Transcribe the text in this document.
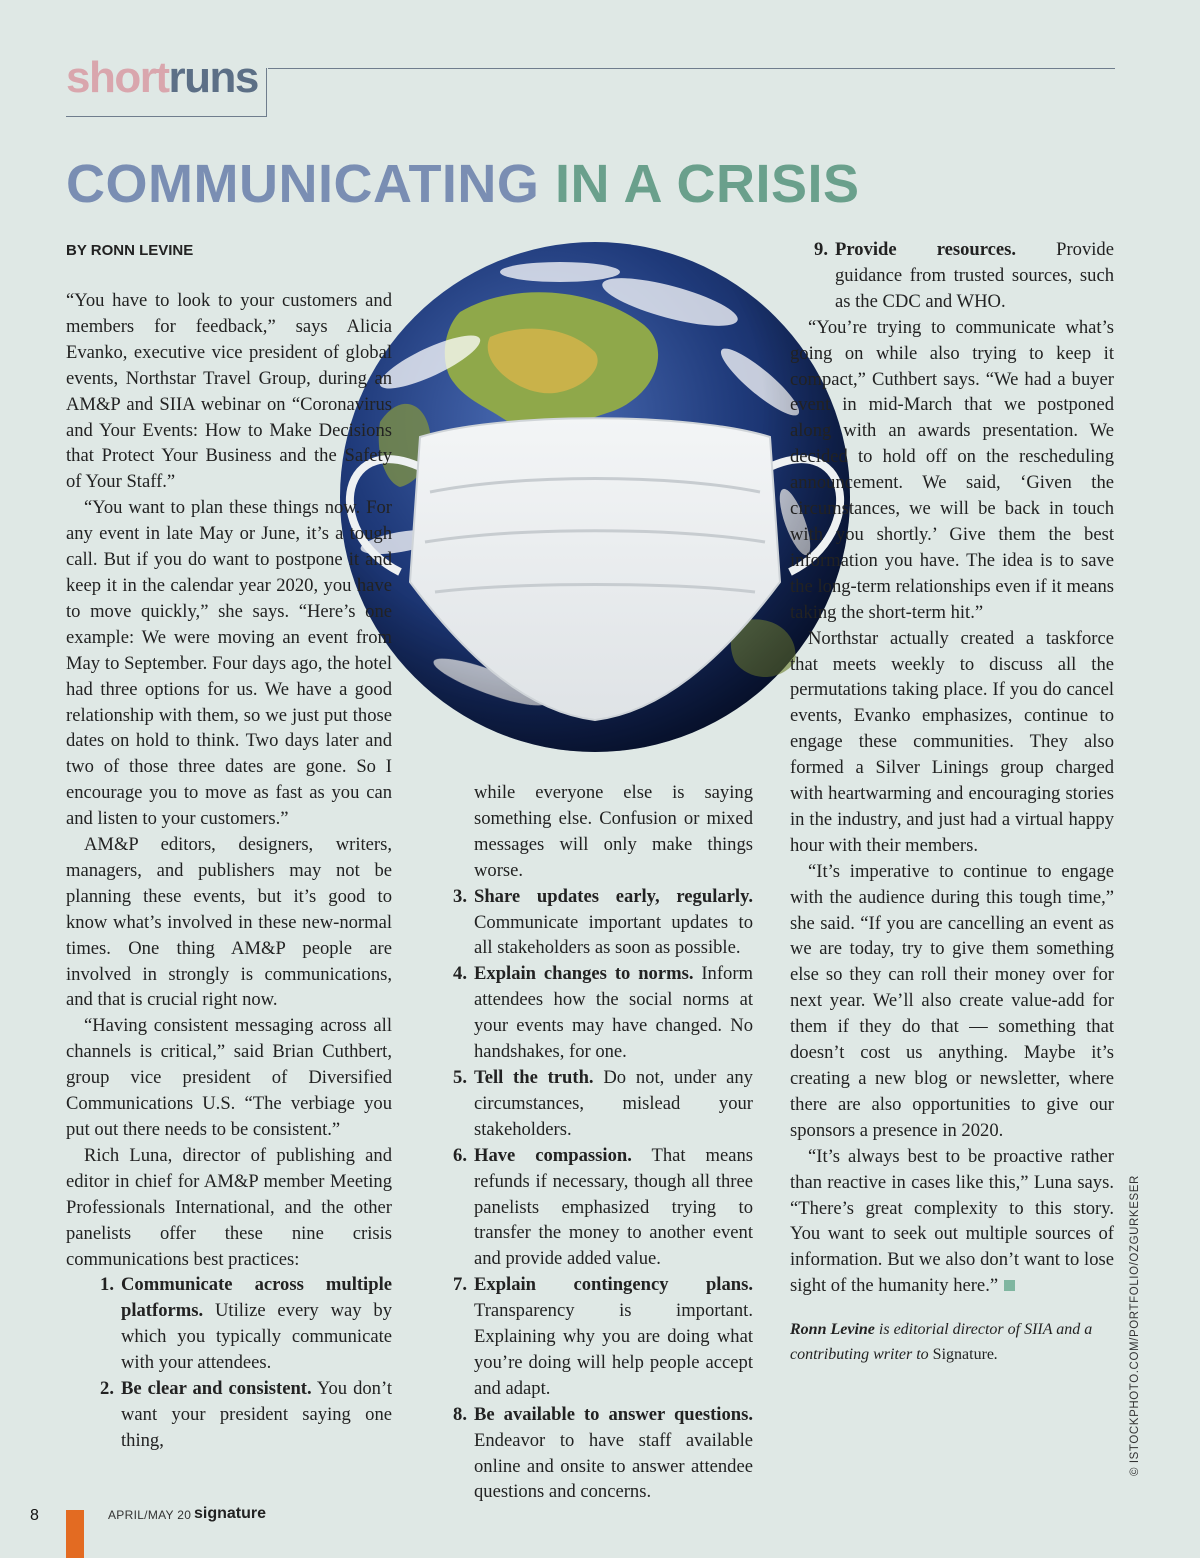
shortruns
COMMUNICATING IN A CRISIS
BY RONN LEVINE

“You have to look to your customers and members for feedback,” says Alicia Evanko, executive vice president of global events, Northstar Travel Group, during an AM&P and SIIA webinar on “Coronavirus and Your Events: How to Make Decisions that Protect Your Business and the Safety of Your Staff.”

“You want to plan these things now. For any event in late May or June, it’s a tough call. But if you do want to postpone it and keep it in the calendar year 2020, you have to move quickly,” she says. “Here’s one example: We were moving an event from May to September. Four days ago, the hotel had three options for us. We have a good relationship with them, so we just put those dates on hold to think. Two days later and two of those three dates are gone. So I encourage you to move as fast as you can and listen to your customers.”

AM&P editors, designers, writers, managers, and publishers may not be planning these events, but it’s good to know what’s involved in these new-normal times. One thing AM&P people are involved in strongly is communications, and that is crucial right now.

“Having consistent messaging across all channels is critical,” said Brian Cuthbert, group vice president of Diversified Communications U.S. “The verbiage you put out there needs to be consistent.”

Rich Luna, director of publishing and editor in chief for AM&P member Meeting Professionals International, and the other panelists offer these nine crisis communications best practices:

1. Communicate across multiple platforms. Utilize every way by which you typically communicate with your attendees.
2. Be clear and consistent. You don’t want your president saying one thing,
while everyone else is saying something else. Confusion or mixed messages will only make things worse.
3. Share updates early, regularly. Communicate important updates to all stakeholders as soon as possible.
4. Explain changes to norms. Inform attendees how the social norms at your events may have changed. No handshakes, for one.
5. Tell the truth. Do not, under any circumstances, mislead your stakeholders.
6. Have compassion. That means refunds if necessary, though all three panelists emphasized trying to transfer the money to another event and provide added value.
7. Explain contingency plans. Transparency is important. Explaining why you are doing what you’re doing will help people accept and adapt.
8. Be available to answer questions. Endeavor to have staff available online and onsite to answer attendee questions and concerns.
9. Provide resources. Provide guidance from trusted sources, such as the CDC and WHO.

“You’re trying to communicate what’s going on while also trying to keep it compact,” Cuthbert says. “We had a buyer event in mid-March that we postponed along with an awards presentation. We decided to hold off on the rescheduling announcement. We said, ‘Given the circumstances, we will be back in touch with you shortly.’ Give them the best information you have. The idea is to save the long-term relationships even if it means taking the short-term hit.”

Northstar actually created a taskforce that meets weekly to discuss all the permutations taking place. If you do cancel events, Evanko emphasizes, continue to engage these communities. They also formed a Silver Linings group charged with heartwarming and encouraging stories in the industry, and just had a virtual happy hour with their members.

“It’s imperative to continue to engage with the audience during this tough time,” she said. “If you are cancelling an event as we are today, try to give them something else so they can roll their money over for next year. We’ll also create value-add for them if they do that — something that doesn’t cost us anything. Maybe it’s creating a new blog or newsletter, where there are also opportunities to give our sponsors a presence in 2020.

“It’s always best to be proactive rather than reactive in cases like this,” Luna says. “There’s great complexity to this story. You want to seek out multiple sources of information. But we also don’t want to lose sight of the humanity here.”

Ronn Levine is editorial director of SIIA and a contributing writer to Signature.	© ISTOCKPHOTO.COM/PORTFOLIO/OZGURKESER
8	APRIL/MAY 20 signature
